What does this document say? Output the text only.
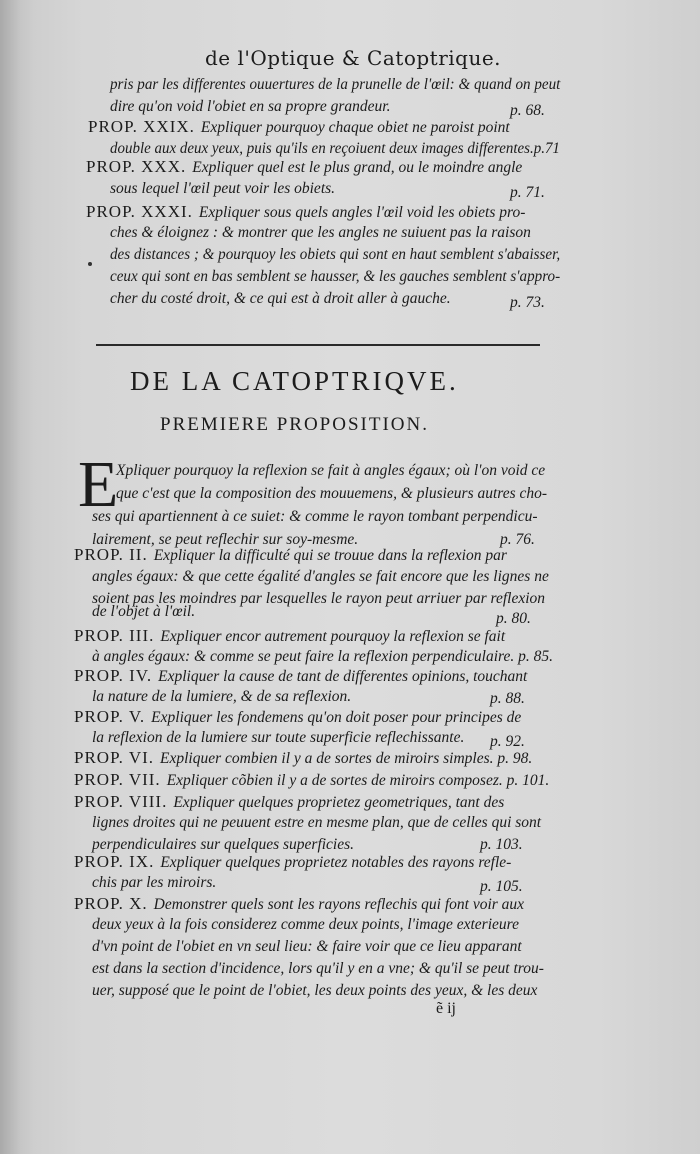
de l'Optique & Catoptrique.
pris par les differentes ouuertures de la prunelle de l'œil: & quand on peut
dire qu'on void l'obiet en sa propre grandeur.	p. 68.
PROP. XXIX. Expliquer pourquoy chaque obiet ne paroist point
double aux deux yeux, puis qu'ils en reçoiuent deux images differentes.p.71
PROP. XXX. Expliquer quel est le plus grand, ou le moindre angle
sous lequel l'œil peut voir les obiets.	p. 71.
PROP. XXXI. Expliquer sous quels angles l'œil void les obiets pro-
ches & éloignez : & montrer que les angles ne suiuent pas la raison
des distances ; & pourquoy les obiets qui sont en haut semblent s'abaisser,
ceux qui sont en bas semblent se hausser, & les gauches semblent s'appro-
cher du costé droit, & ce qui est à droit aller à gauche.	p. 73.
DE LA CATOPTRIQVE.
PREMIERE PROPOSITION.
E
Xpliquer pourquoy la reflexion se fait à angles égaux; où l'on void ce
que c'est que la composition des mouuemens, & plusieurs autres cho-
ses qui apartiennent à ce suiet: & comme le rayon tombant perpendicu-
lairement, se peut reflechir sur soy-mesme.	p. 76.
PROP. II. Expliquer la difficulté qui se trouue dans la reflexion par
angles égaux: & que cette égalité d'angles se fait encore que les lignes ne
soient pas les moindres par lesquelles le rayon peut arriuer par reflexion
de l'objet à l'œil.	p. 80.
PROP. III. Expliquer encor autrement pourquoy la reflexion se fait
à angles égaux: & comme se peut faire la reflexion perpendiculaire. p. 85.
PROP. IV. Expliquer la cause de tant de differentes opinions, touchant
la nature de la lumiere, & de sa reflexion.	p. 88.
PROP. V. Expliquer les fondemens qu'on doit poser pour principes de
la reflexion de la lumiere sur toute superficie reflechissante. p. 92.
PROP. VI. Expliquer combien il y a de sortes de miroirs simples. p. 98.
PROP. VII. Expliquer cõbien il y a de sortes de miroirs composez. p. 101.
PROP. VIII. Expliquer quelques proprietez geometriques, tant des
lignes droites qui ne peuuent estre en mesme plan, que de celles qui sont
perpendiculaires sur quelques superficies.	p. 103.
PROP. IX. Expliquer quelques proprietez notables des rayons refle-
chis par les miroirs.	p. 105.
PROP. X. Demonstrer quels sont les rayons reflechis qui font voir aux
deux yeux à la fois considerez comme deux points, l'image exterieure
d'vn point de l'obiet en vn seul lieu: & faire voir que ce lieu apparant
est dans la section d'incidence, lors qu'il y en a vne; & qu'il se peut trou-
uer, supposé que le point de l'obiet, les deux points des yeux, & les deux
ẽ ij
